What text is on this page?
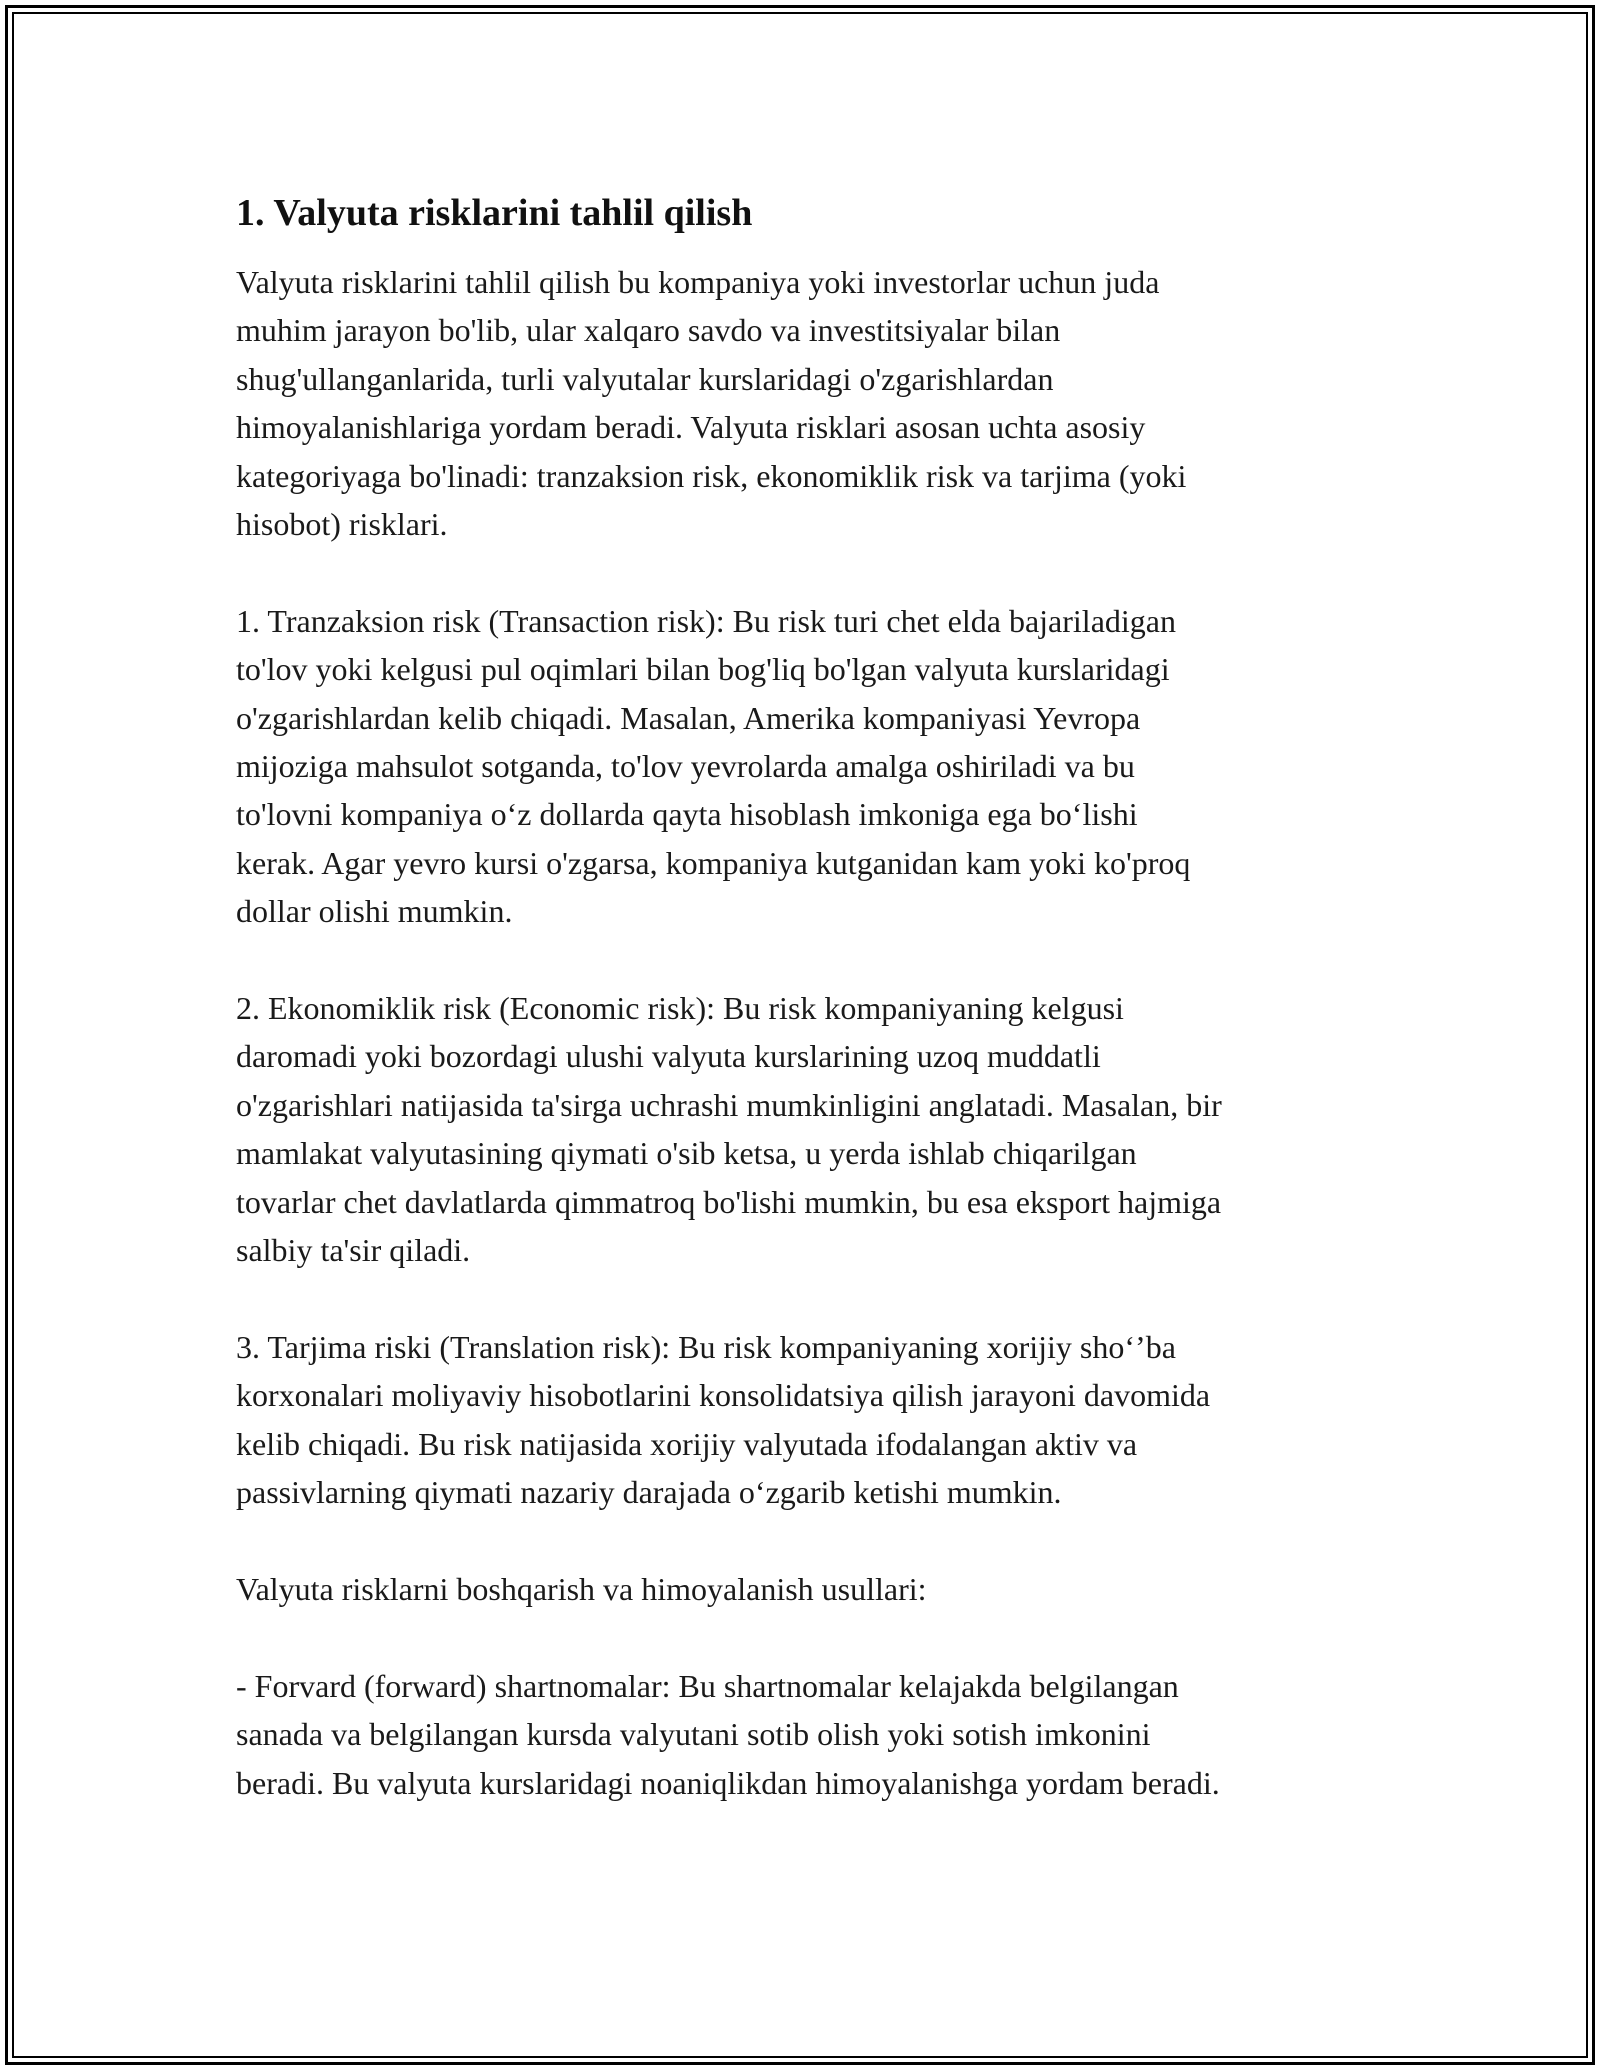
1. Valyuta risklarini tahlil qilish
Valyuta risklarini tahlil qilish bu kompaniya yoki investorlar uchun juda
muhim jarayon bo'lib, ular xalqaro savdo va investitsiyalar bilan
shug'ullanganlarida, turli valyutalar kurslaridagi o'zgarishlardan
himoyalanishlariga yordam beradi. Valyuta risklari asosan uchta asosiy
kategoriyaga bo'linadi: tranzaksion risk, ekonomiklik risk va tarjima (yoki
hisobot) risklari.
1. Tranzaksion risk (Transaction risk): Bu risk turi chet elda bajariladigan
to'lov yoki kelgusi pul oqimlari bilan bog'liq bo'lgan valyuta kurslaridagi
o'zgarishlardan kelib chiqadi. Masalan, Amerika kompaniyasi Yevropa
mijoziga mahsulot sotganda, to'lov yevrolarda amalga oshiriladi va bu
to'lovni kompaniya o‘z dollarda qayta hisoblash imkoniga ega bo‘lishi
kerak. Agar yevro kursi o'zgarsa, kompaniya kutganidan kam yoki ko'proq
dollar olishi mumkin.
2. Ekonomiklik risk (Economic risk): Bu risk kompaniyaning kelgusi
daromadi yoki bozordagi ulushi valyuta kurslarining uzoq muddatli
o'zgarishlari natijasida ta'sirga uchrashi mumkinligini anglatadi. Masalan, bir
mamlakat valyutasining qiymati o'sib ketsa, u yerda ishlab chiqarilgan
tovarlar chet davlatlarda qimmatroq bo'lishi mumkin, bu esa eksport hajmiga
salbiy ta'sir qiladi.
3. Tarjima riski (Translation risk): Bu risk kompaniyaning xorijiy sho‘’ba
korxonalari moliyaviy hisobotlarini konsolidatsiya qilish jarayoni davomida
kelib chiqadi. Bu risk natijasida xorijiy valyutada ifodalangan aktiv va
passivlarning qiymati nazariy darajada o‘zgarib ketishi mumkin.
Valyuta risklarni boshqarish va himoyalanish usullari:
- Forvard (forward) shartnomalar: Bu shartnomalar kelajakda belgilangan
sanada va belgilangan kursda valyutani sotib olish yoki sotish imkonini
beradi. Bu valyuta kurslaridagi noaniqlikdan himoyalanishga yordam beradi.
